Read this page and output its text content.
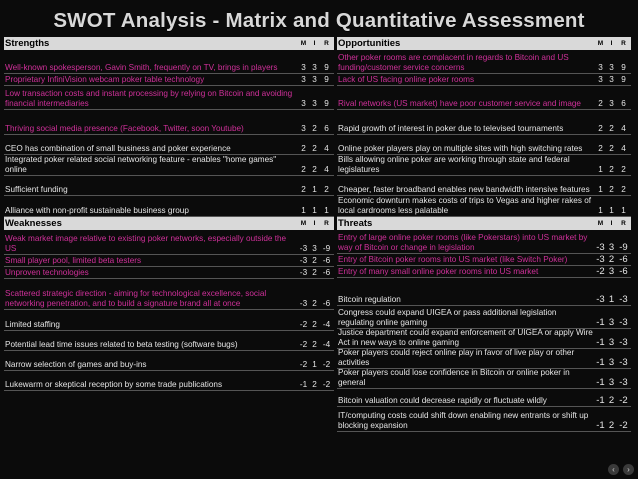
SWOT Analysis - Matrix and Quantitative Assessment
Strengths	M	I	R
Well-known spokesperson, Gavin Smith, frequently on TV, brings in players	3 3 9
Proprietary InfiniVision webcam poker table technology	3 3 9
Low transaction costs and instant processing by relying on Bitcoin and avoiding financial intermediaries	3 3 9
Thriving social media presence (Facebook, Twitter, soon Youtube)	3 2 6
CEO has combination of small business and poker experience	2 2 4
Integrated poker related social networking feature - enables "home games" online	2 2 4
Sufficient funding	2 1 2
Alliance with non-profit sustainable business group	1 1 1
Weaknesses	M	I	R
Weak market image relative to existing poker networks, especially outside the US	-3 3 -9
Small player pool, limited beta testers	-3 2 -6
Unproven technologies	-3 2 -6
Scattered strategic direction - aiming for technological excellence, social networking penetration, and to build a signature brand all at once	-3 2 -6
Limited staffing	-2 2 -4
Potential lead time issues related to beta testing (software bugs)	-2 2 -4
Narrow selection of games and buy-ins	-2 1 -2
Lukewarm or skeptical reception by some trade publications	-1 2 -2
Opportunities	M	I	R
Other poker rooms are complacent in regards to Bitcoin and US funding/customer service concerns	3 3 9
Lack of US facing online poker rooms	3 3 9
Rival networks (US market) have poor customer service and image	2 3 6
Rapid growth of interest in poker due to televised tournaments	2 2 4
Online poker players play on multiple sites with high switching rates	2 2 4
Bills allowing online poker are working through state and federal legislatures	1 2 2
Cheaper, faster broadband enables new bandwidth intensive features	1 2 2
Economic downturn makes costs of trips to Vegas and higher rakes of local cardrooms less palatable	1 1 1
Threats	M	I	R
Entry of large online poker rooms (like Pokerstars) into US market by way of Bitcoin or change in legislation	-3 3 -9
Entry of Bitcoin poker rooms into US market (like Switch Poker)	-3 2 -6
Entry of many small online poker rooms into US market	-2 3 -6
Bitcoin regulation	-3 1 -3
Congress could expand UIGEA or pass additional legislation regulating online gaming	-1 3 -3
Justice department could expand enforcement of UIGEA or apply Wire Act in new ways to online gaming	-1 3 -3
Poker players could reject online play in favor of live play or other activities	-1 3 -3
Poker players could lose confidence in Bitcoin or online poker in general	-1 3 -3
Bitcoin valuation could decrease rapidly or fluctuate wildly	-1 2 -2
IT/computing costs could shift down enabling new entrants or shift up blocking expansion	-1 2 -2
‹	›
